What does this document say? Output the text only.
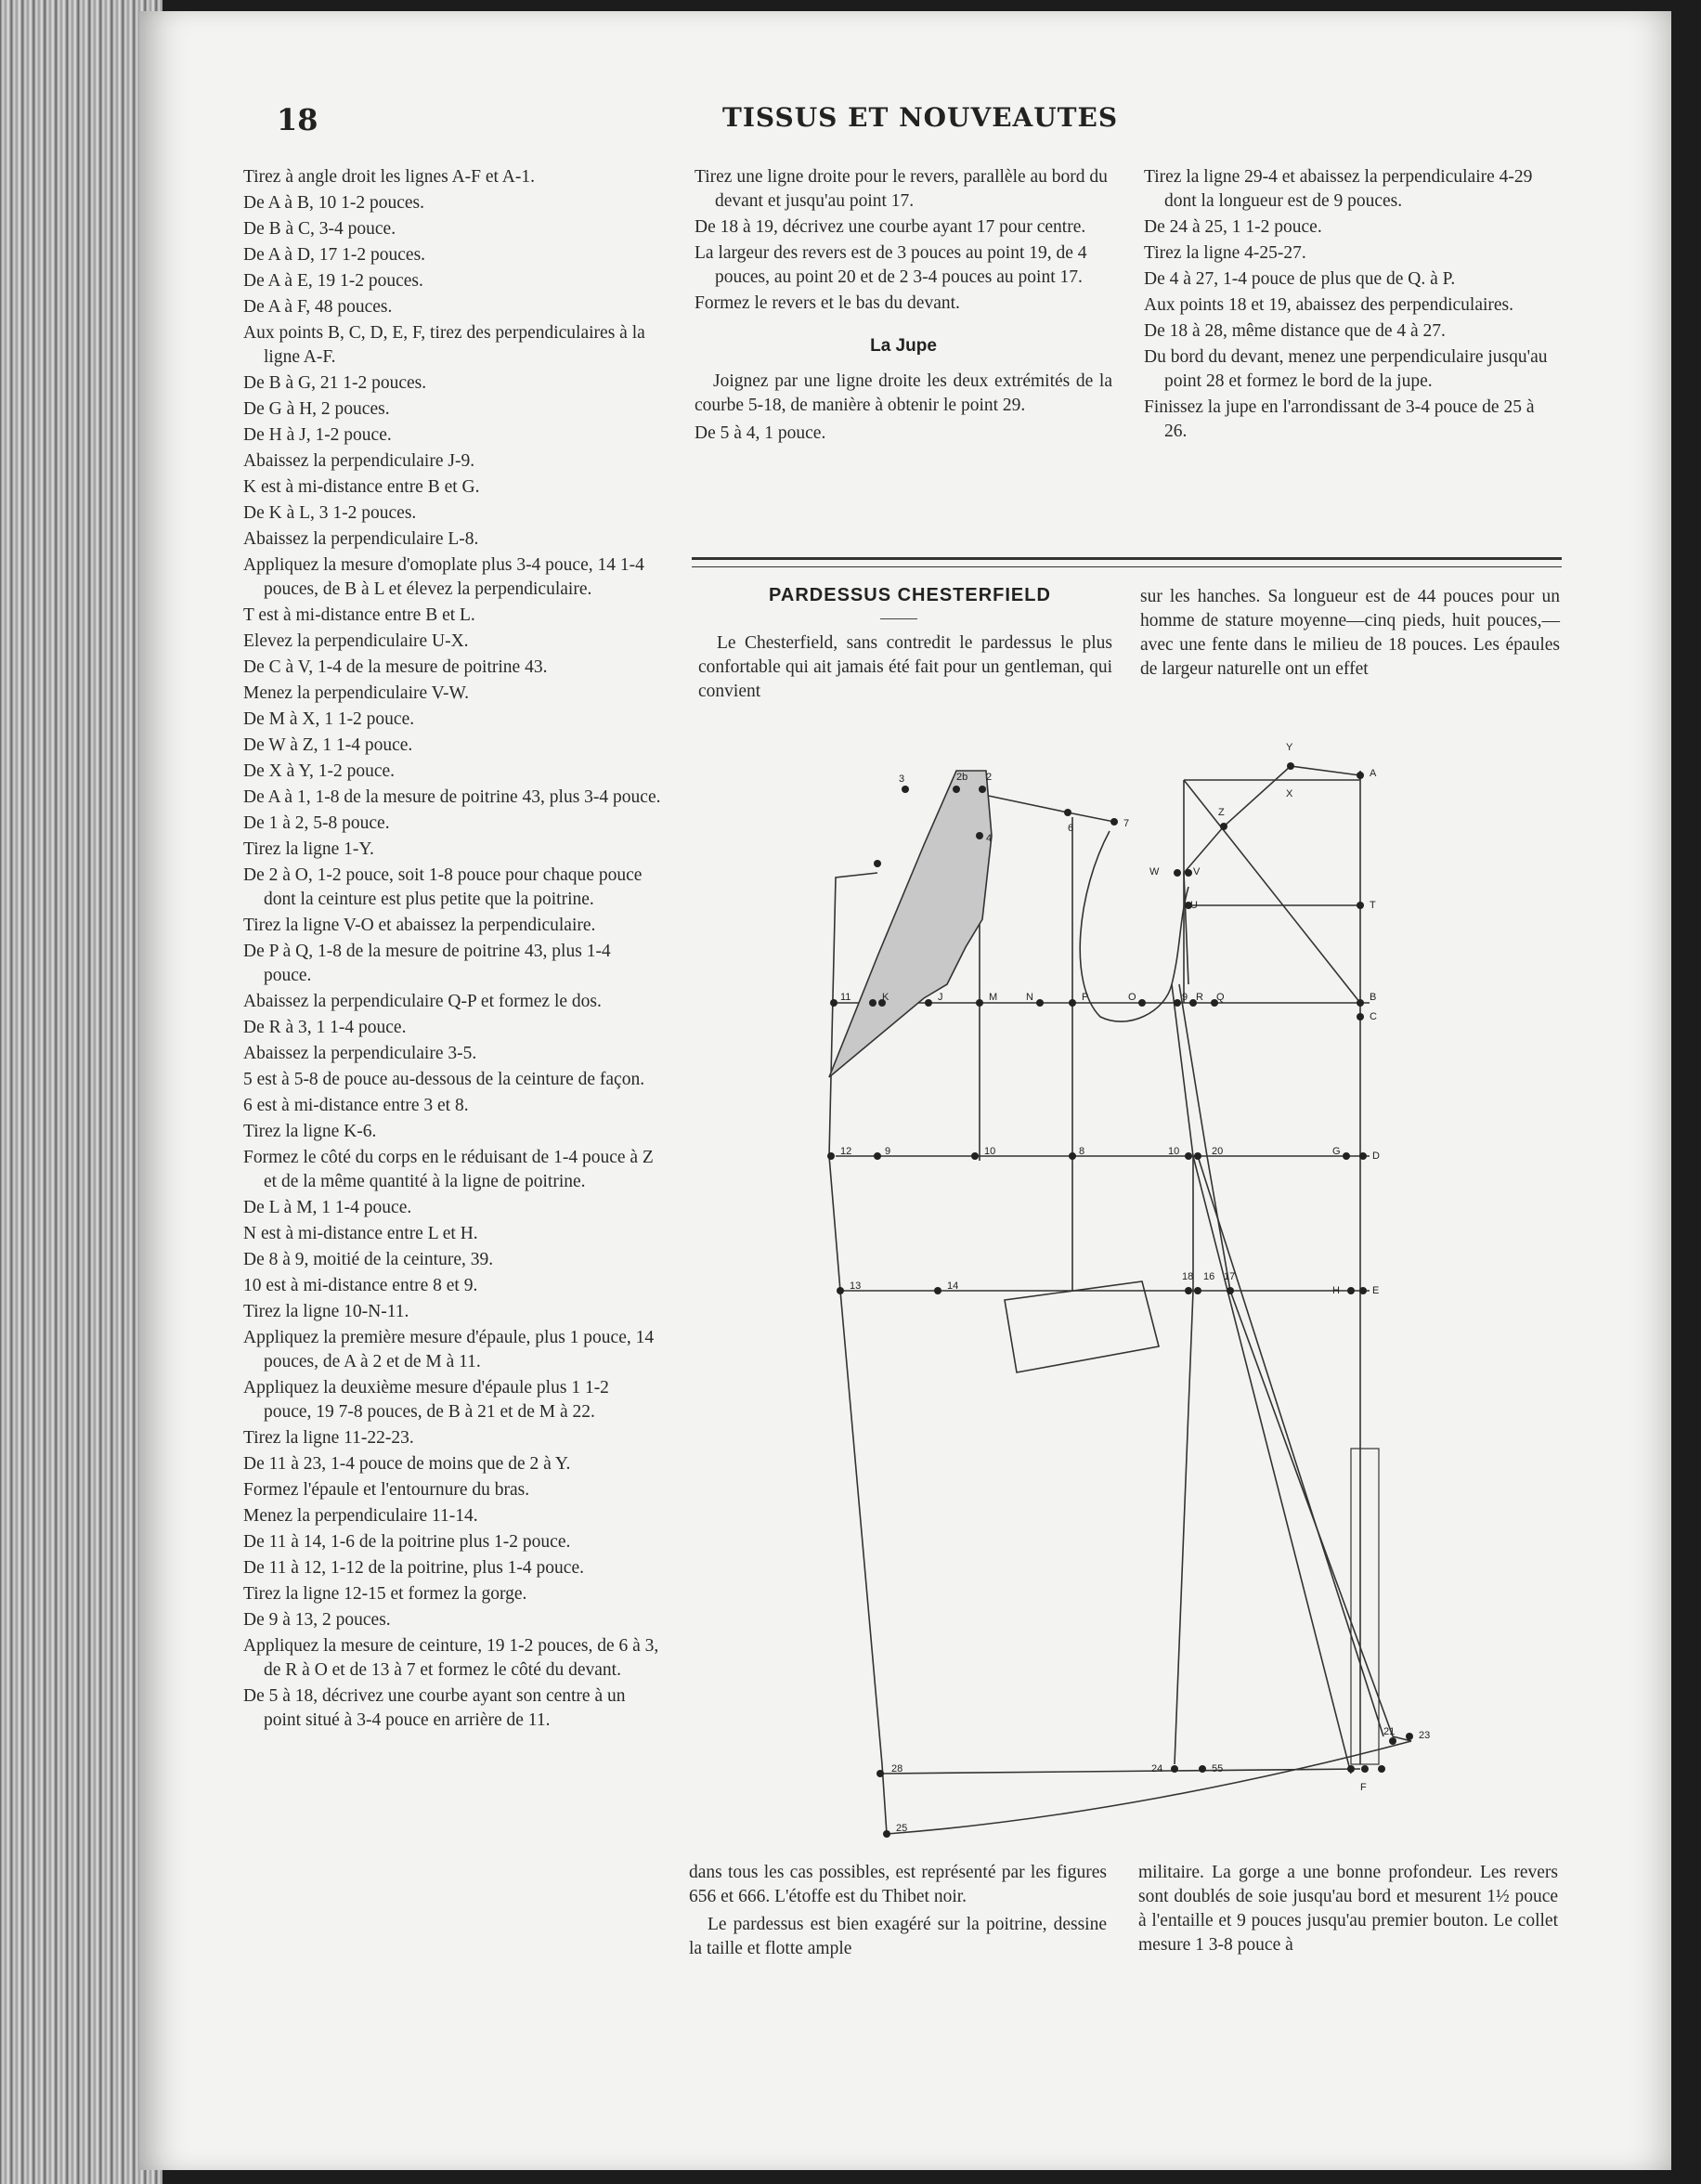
18	TISSUS ET NOUVEAUTES

Tirez à angle droit les lignes A-F et A-1.

De A à B, 10 1-2 pouces.

De B à C, 3-4 pouce.

De A à D, 17 1-2 pouces.

De A à E, 19 1-2 pouces.

De A à F, 48 pouces.

Aux points B, C, D, E, F, tirez des perpendiculaires à la ligne A-F.

De B à G, 21 1-2 pouces.

De G à H, 2 pouces.

De H à J, 1-2 pouce.

Abaissez la perpendiculaire J-9.

K est à mi-distance entre B et G.

De K à L, 3 1-2 pouces.

Abaissez la perpendiculaire L-8.

Appliquez la mesure d'omoplate plus 3-4 pouce, 14 1-4 pouces, de B à L et élevez la perpendiculaire.

T est à mi-distance entre B et L.

Elevez la perpendiculaire U-X.

De C à V, 1-4 de la mesure de poitrine 43.

Menez la perpendiculaire V-W.

De M à X, 1 1-2 pouce.

De W à Z, 1 1-4 pouce.

De X à Y, 1-2 pouce.

De A à 1, 1-8 de la mesure de poitrine 43, plus 3-4 pouce.

De 1 à 2, 5-8 pouce.

Tirez la ligne 1-Y.

De 2 à O, 1-2 pouce, soit 1-8 pouce pour chaque pouce dont la ceinture est plus petite que la poitrine.

Tirez la ligne V-O et abaissez la perpendiculaire.

De P à Q, 1-8 de la mesure de poitrine 43, plus 1-4 pouce.

Abaissez la perpendiculaire Q-P et formez le dos.

De R à 3, 1 1-4 pouce.

Abaissez la perpendiculaire 3-5.

5 est à 5-8 de pouce au-dessous de la ceinture de façon.

6 est à mi-distance entre 3 et 8.

Tirez la ligne K-6.

Formez le côté du corps en le réduisant de 1-4 pouce à Z et de la même quantité à la ligne de poitrine.

De L à M, 1 1-4 pouce.

N est à mi-distance entre L et H.

De 8 à 9, moitié de la ceinture, 39.

10 est à mi-distance entre 8 et 9.

Tirez la ligne 10-N-11.

Appliquez la première mesure d'épaule, plus 1 pouce, 14 pouces, de A à 2 et de M à 11.

Appliquez la deuxième mesure d'épaule plus 1 1-2 pouce, 19 7-8 pouces, de B à 21 et de M à 22.

Tirez la ligne 11-22-23.

De 11 à 23, 1-4 pouce de moins que de 2 à Y.

Formez l'épaule et l'entournure du bras.

Menez la perpendiculaire 11-14.

De 11 à 14, 1-6 de la poitrine plus 1-2 pouce.

De 11 à 12, 1-12 de la poitrine, plus 1-4 pouce.

Tirez la ligne 12-15 et formez la gorge.

De 9 à 13, 2 pouces.

Appliquez la mesure de ceinture, 19 1-2 pouces, de 6 à 3, de R à O et de 13 à 7 et formez le côté du devant.

De 5 à 18, décrivez une courbe ayant son centre à un point situé à 3-4 pouce en arrière de 11.

Tirez une ligne droite pour le revers, parallèle au bord du devant et jusqu'au point 17.

De 18 à 19, décrivez une courbe ayant 17 pour centre.

La largeur des revers est de 3 pouces au point 19, de 4 pouces, au point 20 et de 2 3-4 pouces au point 17.

Formez le revers et le bas du devant.

La Jupe

Joignez par une ligne droite les deux extrémités de la courbe 5-18, de manière à obtenir le point 29.

De 5 à 4, 1 pouce.

Tirez la ligne 29-4 et abaissez la perpendiculaire 4-29 dont la longueur est de 9 pouces.

De 24 à 25, 1 1-2 pouce.

Tirez la ligne 4-25-27.

De 4 à 27, 1-4 pouce de plus que de Q. à P.

Aux points 18 et 19, abaissez des perpendiculaires.

De 18 à 28, même distance que de 4 à 27.

Du bord du devant, menez une perpendiculaire jusqu'au point 28 et formez le bord de la jupe.

Finissez la jupe en l'arrondissant de 3-4 pouce de 25 à 26.

PARDESSUS CHESTERFIELD

Le Chesterfield, sans contredit le pardessus le plus confortable qui ait jamais été fait pour un gentleman, qui convient

sur les hanches. Sa longueur est de 44 pouces pour un homme de stature moyenne—cinq pieds, huit pouces,—avec une fente dans le milieu de 18 pouces. Les épaules de largeur naturelle ont un effet

3	2b 2
4
6	7
Y
X
A
Z
W	V
U	T
11	K	J	M	N	P	O	9 R Q	B
C
12	9	10	8	10	20	G	D
13	14
18 16 17
H	E
28	24	55
21 23
F
25

dans tous les cas possibles, est représenté par les figures 656 et 666. L'étoffe est du Thibet noir.

Le pardessus est bien exagéré sur la poitrine, dessine la taille et flotte ample

militaire. La gorge a une bonne profondeur. Les revers sont doublés de soie jusqu'au bord et mesurent 1½ pouce à l'entaille et 9 pouces jusqu'au premier bouton. Le collet mesure 1 3-8 pouce à
